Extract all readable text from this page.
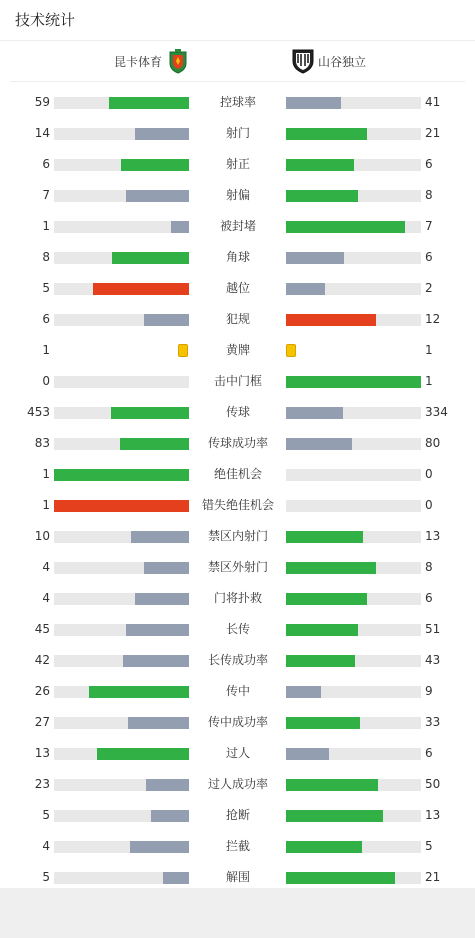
技术统计
昆卡体育	山谷独立
59	控球率	41
14	射门	21
6	射正	6
7	射偏	8
1	被封堵	7
8	角球	6
5	越位	2
6	犯规	12
1	黄牌	1
0	击中门框	1
453	传球	334
83	传球成功率	80
1	绝佳机会	0
1	错失绝佳机会	0
10	禁区内射门	13
4	禁区外射门	8
4	门将扑救	6
45	长传	51
42	长传成功率	43
26	传中	9
27	传中成功率	33
13	过人	6
23	过人成功率	50
5	抢断	13
4	拦截	5
5	解围	21
